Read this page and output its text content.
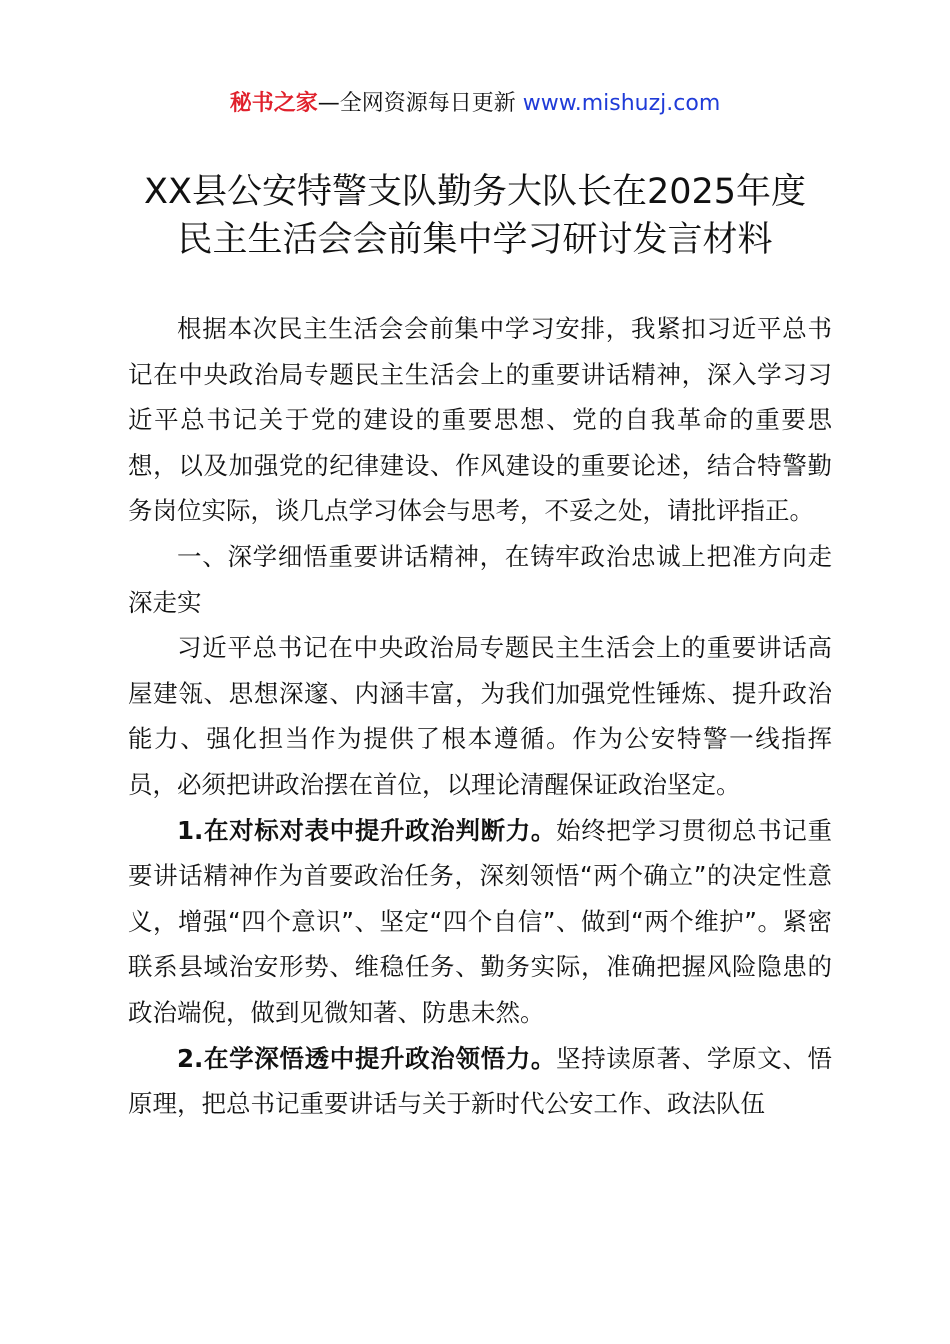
秘书之家—全网资源每日更新 www.mishuzj.com
XX县公安特警支队勤务大队长在2025年度
民主生活会会前集中学习研讨发言材料

根据本次民主生活会会前集中学习安排，我紧扣习近平总书记在中央政治局专题民主生活会上的重要讲话精神，深入学习习近平总书记关于党的建设的重要思想、党的自我革命的重要思想，以及加强党的纪律建设、作风建设的重要论述，结合特警勤务岗位实际，谈几点学习体会与思考，不妥之处，请批评指正。

一、深学细悟重要讲话精神，在铸牢政治忠诚上把准方向走深走实

习近平总书记在中央政治局专题民主生活会上的重要讲话高屋建瓴、思想深邃、内涵丰富，为我们加强党性锤炼、提升政治能力、强化担当作为提供了根本遵循。作为公安特警一线指挥员，必须把讲政治摆在首位，以理论清醒保证政治坚定。

1.在对标对表中提升政治判断力。始终把学习贯彻总书记重要讲话精神作为首要政治任务，深刻领悟“两个确立”的决定性意义，增强“四个意识”、坚定“四个自信”、做到“两个维护”。紧密联系县域治安形势、维稳任务、勤务实际，准确把握风险隐患的政治端倪，做到见微知著、防患未然。

2.在学深悟透中提升政治领悟力。坚持读原著、学原文、悟原理，把总书记重要讲话与关于新时代公安工作、政法队伍
